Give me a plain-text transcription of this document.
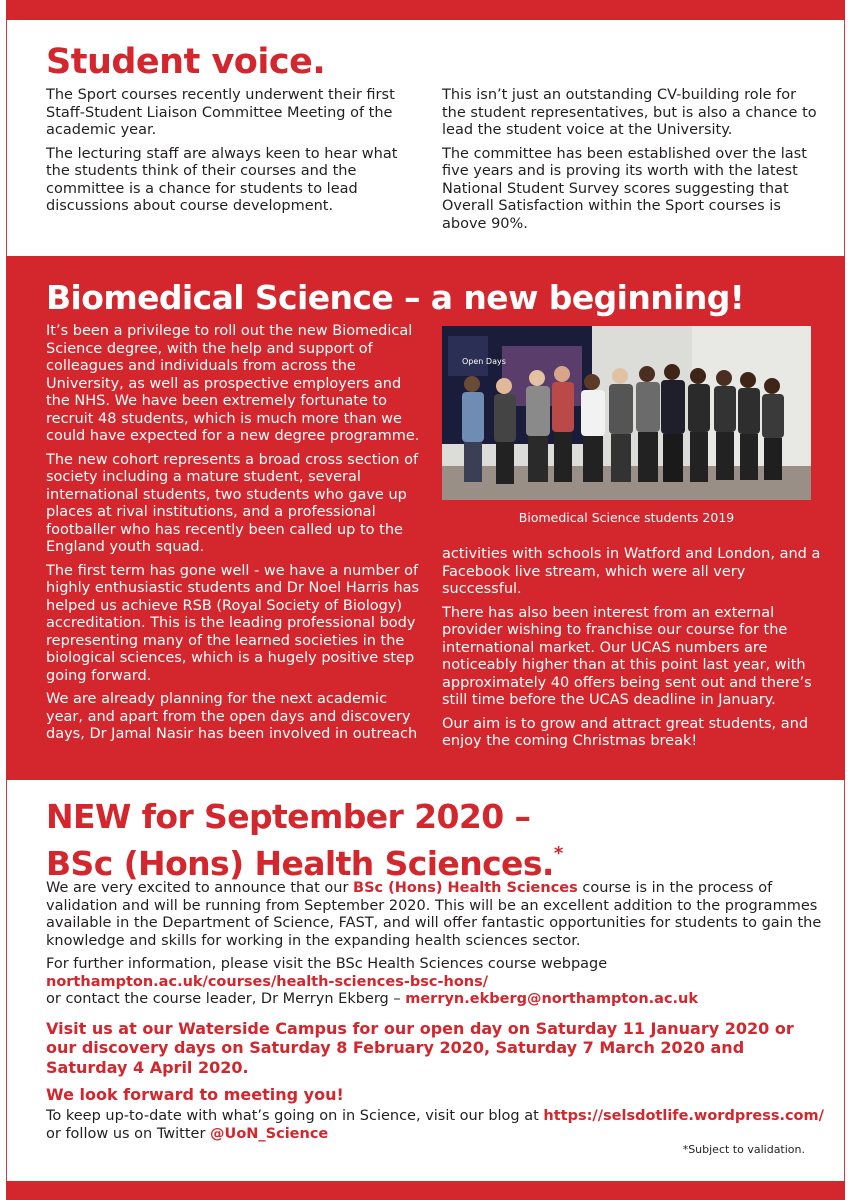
Student voice.

The Sport courses recently underwent their first Staff-Student Liaison Committee Meeting of the academic year.

The lecturing staff are always keen to hear what the students think of their courses and the committee is a chance for students to lead discussions about course development.

This isn’t just an outstanding CV-building role for the student representatives, but is also a chance to lead the student voice at the University.

The committee has been established over the last five years and is proving its worth with the latest National Student Survey scores suggesting that Overall Satisfaction within the Sport courses is above 90%.

Biomedical Science – a new beginning!

It’s been a privilege to roll out the new Biomedical Science degree, with the help and support of colleagues and individuals from across the University, as well as prospective employers and the NHS. We have been extremely fortunate to recruit 48 students, which is much more than we could have expected for a new degree programme.

The new cohort represents a broad cross section of society including a mature student, several international students, two students who gave up places at rival institutions, and a professional footballer who has recently been called up to the England youth squad.

The first term has gone well - we have a number of highly enthusiastic students and Dr Noel Harris has helped us achieve RSB (Royal Society of Biology) accreditation. This is the leading professional body representing many of the learned societies in the biological sciences, which is a hugely positive step going forward.

We are already planning for the next academic year, and apart from the open days and discovery days, Dr Jamal Nasir has been involved in outreach

Open Days
Biomedical Science students 2019

activities with schools in Watford and London, and a Facebook live stream, which were all very successful.

There has also been interest from an external provider wishing to franchise our course for the international market. Our UCAS numbers are noticeably higher than at this point last year, with approximately 40 offers being sent out and there’s still time before the UCAS deadline in January.

Our aim is to grow and attract great students, and enjoy the coming Christmas break!

NEW for September 2020 –
BSc (Hons) Health Sciences.*

We are very excited to announce that our BSc (Hons) Health Sciences course is in the process of validation and will be running from September 2020. This will be an excellent addition to the programmes available in the Department of Science, FAST, and will offer fantastic opportunities for students to gain the knowledge and skills for working in the expanding health sciences sector.

For further information, please visit the BSc Health Sciences course webpage
northampton.ac.uk/courses/health-sciences-bsc-hons/
or contact the course leader, Dr Merryn Ekberg – merryn.ekberg@northampton.ac.uk

Visit us at our Waterside Campus for our open day on Saturday 11 January 2020 or our discovery days on Saturday 8 February 2020, Saturday 7 March 2020 and Saturday 4 April 2020.

We look forward to meeting you!

To keep up-to-date with what’s going on in Science, visit our blog at https://selsdotlife.wordpress.com/ or follow us on Twitter @UoN_Science

*Subject to validation.
